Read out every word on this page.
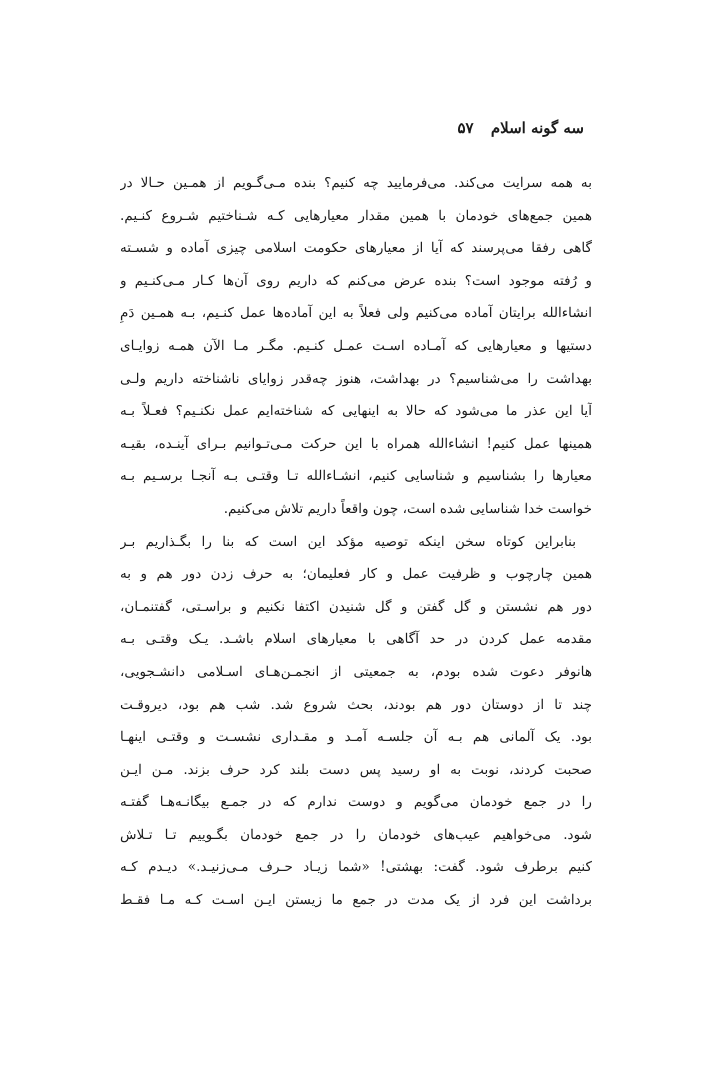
سه گونه اسلام ۵۷
به همه سرایت می‌کند. می‌فرمایید چه کنیم؟ بنده مـی‌گـویم از همـین حـالا در
همین جمع‌های خودمان با همین مقدار معیارهایی کـه شـناختیم شـروع کنـیم.
گاهی رفقا می‌پرسند که آیا از معیارهای حکومت اسلامی چیزی آماده و شسـته
و رُفته موجود است؟ بنده عرض می‌کنم که داریم روی آن‌ها کـار مـی‌کنـیم و
انشاءالله برایتان آماده می‌کنیم ولی فعلاً به این آماده‌ها عمل کنـیم، بـه همـین دَمِ
دستیها و معیارهایی که آمـاده اسـت عمـل کنـیم. مگـر مـا الآن همـه زوایـای
بهداشت را می‌شناسیم؟ در بهداشت، هنوز چه‌قدر زوایای ناشناخته داریم ولـی
آیا این عذر ما می‌شود که حالا به اینهایی که شناخته‌ایم عمل نکنـیم؟ فعـلاً بـه
همینها عمل کنیم! انشاءالله همراه با این حرکت مـی‌تـوانیم بـرای آینـده، بقیـه
معیارها را بشناسیم و شناسایی کنیم، انشـاءالله تـا وقتـی بـه آنجـا برسـیم بـه
خواست خدا شناسایی شده است، چون واقعاً داریم تلاش می‌کنیم.
بنابراین کوتاه سخن اینکه توصیه مؤکد این است که بنا را بگـذاریم بـر
همین چارچوب و ظرفیت عمل و کار فعلیمان؛ به حرف زدن دور هم و به
دور هم نشستن و گل گفتن و گل شنیدن اکتفا نکنیم و براسـتی، گفتنمـان،
مقدمه عمل کردن در حد آگاهی با معیارهای اسلام باشـد. یـک وقتـی بـه
هانوفر دعوت شده بودم، به جمعیتی از انجمـن‌هـای اسـلامی دانشـجویی،
چند تا از دوستان دور هم بودند، بحث شروع شد. شب هم بود، دیروقـت
بود. یک آلمانی هم بـه آن جلسـه آمـد و مقـداری نشسـت و وقتـی اینهـا
صحبت کردند، نوبت به او رسید پس دست بلند کرد حرف بزند. مـن ایـن
را در جمع خودمان می‌گویم و دوست ندارم که در جمـع بیگانـه‌هـا گفتـه
شود. می‌خواهیم عیب‌های خودمان را در جمع خودمان بگـوییم تـا تـلاش
کنیم برطرف شود. گفت: بهشتی! «شما زیـاد حـرف مـی‌زنیـد.» دیـدم کـه
برداشت این فرد از یک مدت در جمع ما زیستن ایـن اسـت کـه مـا فقـط
